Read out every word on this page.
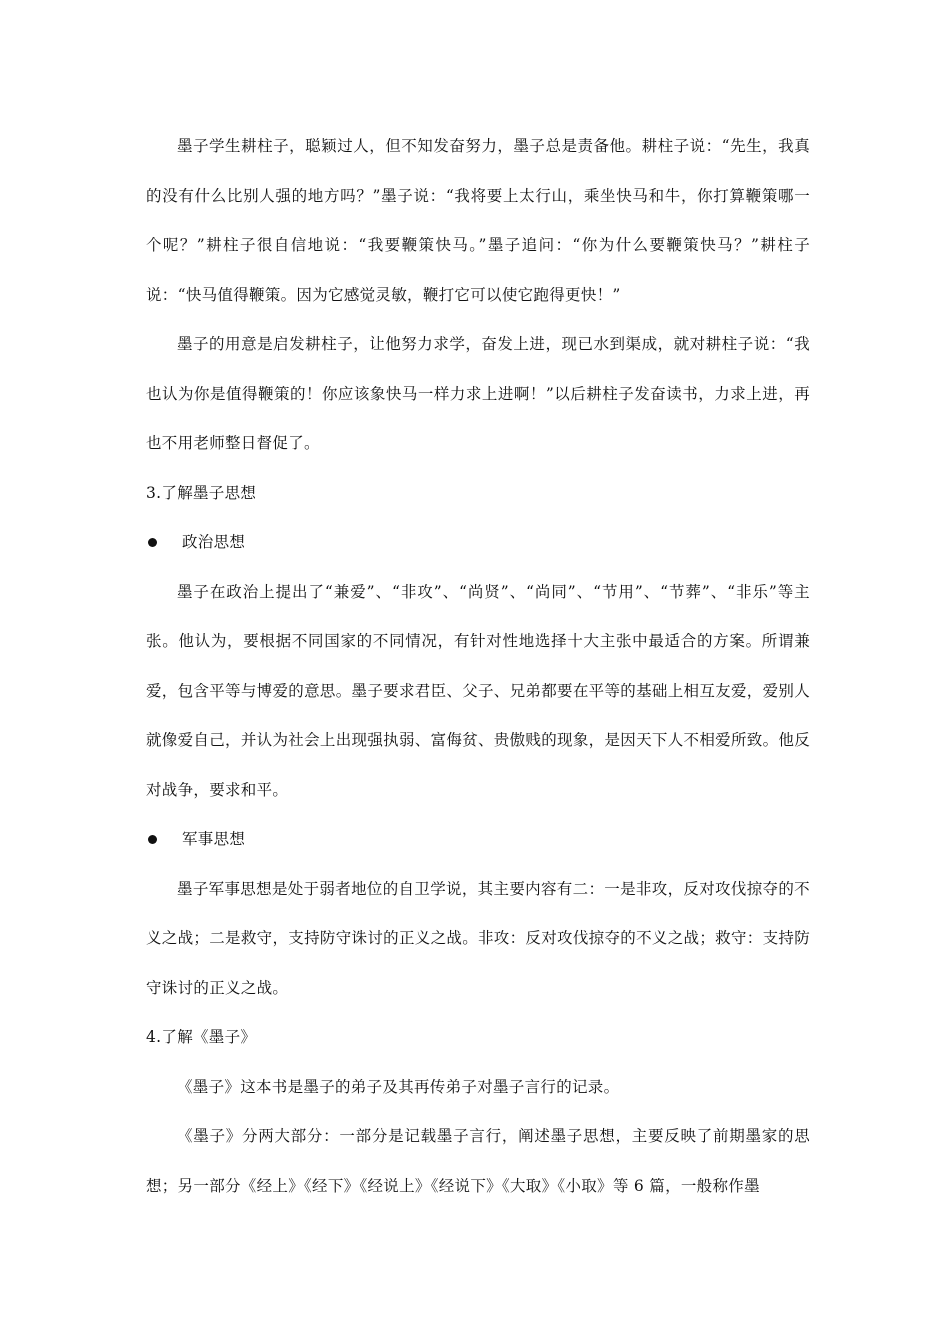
墨子学生耕柱子，聪颖过人，但不知发奋努力，墨子总是责备他。耕柱子说：“先生，我真的没有什么比别人强的地方吗？”墨子说：“我将要上太行山，乘坐快马和牛，你打算鞭策哪一个呢？”耕柱子很自信地说：“我要鞭策快马。”墨子追问：“你为什么要鞭策快马？”耕柱子说：“快马值得鞭策。因为它感觉灵敏，鞭打它可以使它跑得更快！”

墨子的用意是启发耕柱子，让他努力求学，奋发上进，现已水到渠成，就对耕柱子说：“我也认为你是值得鞭策的！你应该象快马一样力求上进啊！”以后耕柱子发奋读书，力求上进，再也不用老师整日督促了。

3.了解墨子思想

政治思想

墨子在政治上提出了“兼爱”、“非攻”、“尚贤”、“尚同”、“节用”、“节葬”、“非乐”等主张。他认为，要根据不同国家的不同情况，有针对性地选择十大主张中最适合的方案。所谓兼爱，包含平等与博爱的意思。墨子要求君臣、父子、兄弟都要在平等的基础上相互友爱，爱别人就像爱自己，并认为社会上出现强执弱、富侮贫、贵傲贱的现象，是因天下人不相爱所致。他反对战争，要求和平。

军事思想

墨子军事思想是处于弱者地位的自卫学说，其主要内容有二：一是非攻，反对攻伐掠夺的不义之战；二是救守，支持防守诛讨的正义之战。非攻：反对攻伐掠夺的不义之战；救守：支持防守诛讨的正义之战。

4.了解《墨子》

《墨子》这本书是墨子的弟子及其再传弟子对墨子言行的记录。

《墨子》分两大部分：一部分是记载墨子言行，阐述墨子思想，主要反映了前期墨家的思想；另一部分《经上》《经下》《经说上》《经说下》《大取》《小取》等 6 篇，一般称作墨
